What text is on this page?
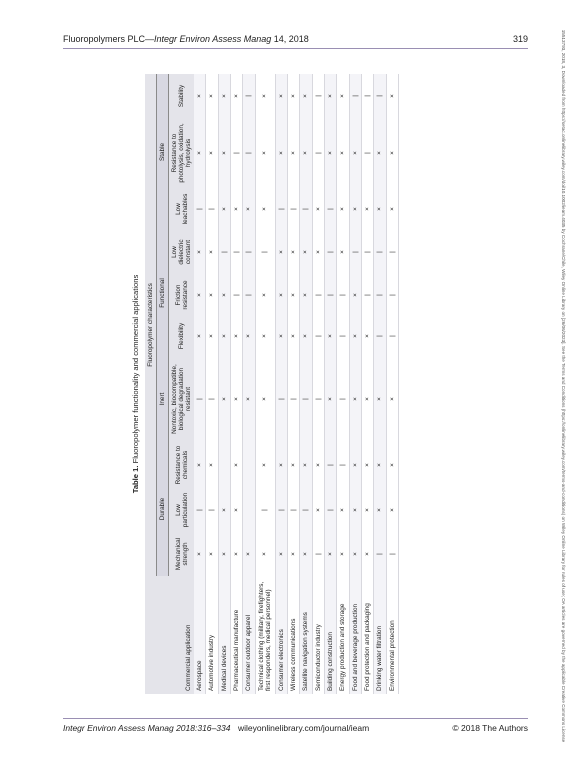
Fluoropolymers PLC—Integr Environ Assess Manag 14, 2018	319	15513793, 2018, 3, Downloaded from https://setac.onlinelibrary.wiley.com/doi/10.1002/ieam.4035 by Cochrane/Chile, Wiley Online Library on [26/06/2023]. See the Terms and Conditions (https://onlinelibrary.wiley.com/terms-and-conditions) on Wiley Online Library for rules of use; OA articles are governed by the applicable Creative Commons License
Table 1. Fluoropolymer functionality and commercial applications
Commercial application	Fluoropolymer characteristics									
	Durable			Inert	Functional			Stable		
	Mechanical strength	Low particulation	Resistance to chemicals	Nontoxic, biocompatible, biological degradation resistant	Flexibility	Friction resistance	Low dielectric constant	Low leachables	Resistance to photolysis, oxidation, hydrolysis	Stability
Aerospace	×	|	×	|	×	×	×	|	×	×
Automotive industry	×	|	×	|	×	×	×	|	×	×
Medical devices	×	×		×	×	×	|	×	×	×
Pharmaceutical manufacture	×	×	×	×	×	|	|	×	|	×
Consumer outdoor apparel	×			×	×	|	|	×	|	|
Technical clothing (military, firefighters, first responders, medical personnel)	×	|	×	×	×	×	|	×	×	×
Consumer electronics	×	|	×	|	×	×	×	|	×	×
Wireless communications	×	|	×	|	×	×	×	|	×	×
Satellite navigation systems	×	|	×	|	×	×	×	|	×	×
Semiconductor industry	|	×	×	|	|	|	×	×	|	|
Building construction	×	|	|	×	×	|	|	|	×	×
Energy production and storage	×	×	|	|	|	|	×	×	×	×
Food and beverage production	×	×	×	×	×	×	|	×	×	|
Food protection and packaging	×	×	×	×	×	|	|	×	|	|
Drinking water filtration	|	×	×	×	|	|	|	×	×	|
Environmental protection	|	×	×	×	|	|	|	×	×	×
Integr Environ Assess Manag 2018:316–334 wileyonlinelibrary.com/journal/ieam	© 2018 The Authors
